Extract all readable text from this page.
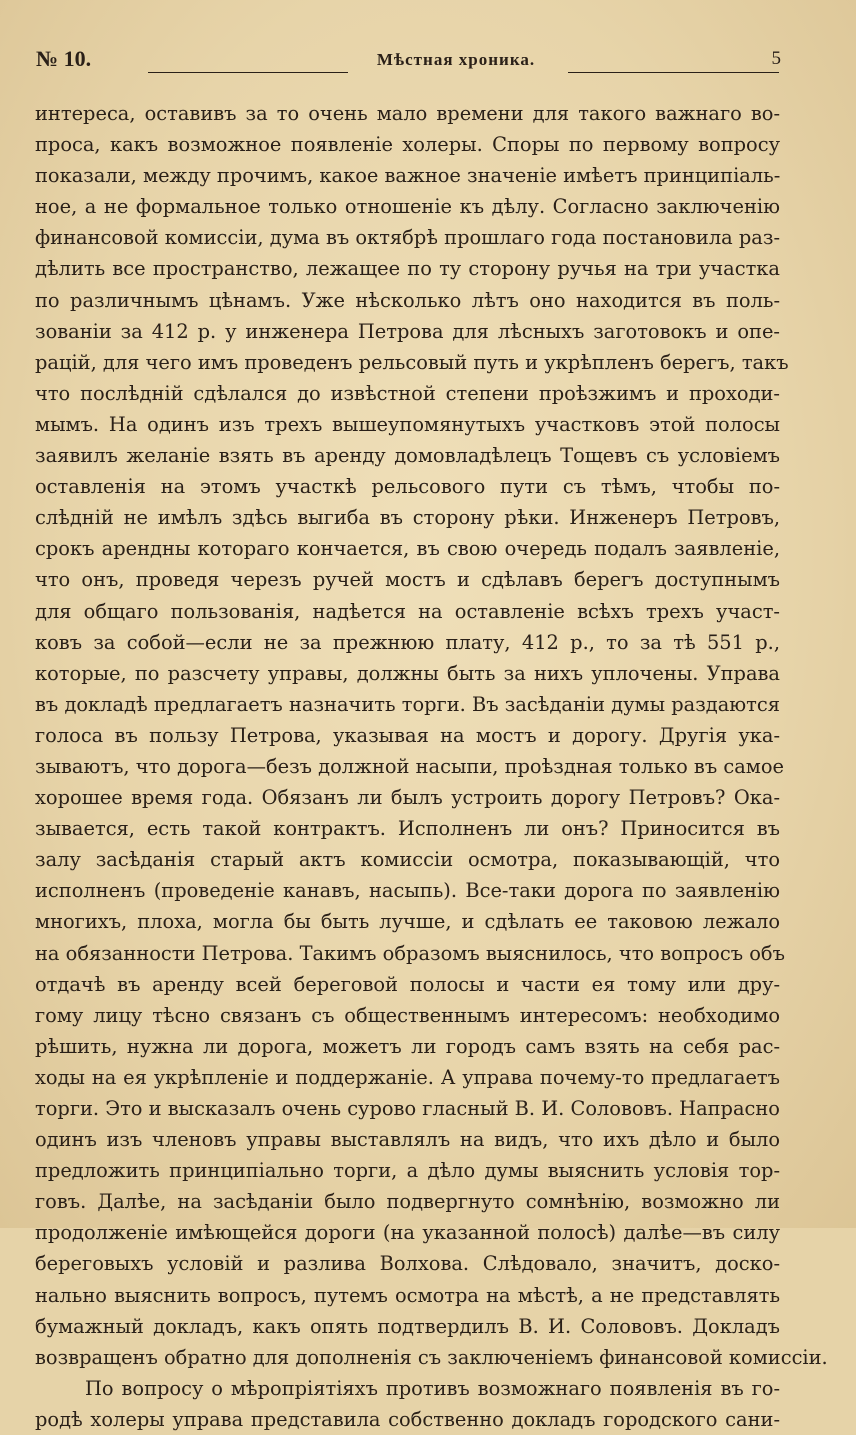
№ 10.	Мѣстная хроника.	5
интереса, оставивъ за то очень мало времени для такого важнаго во-
проса, какъ возможное появленіе холеры. Споры по первому вопросу
показали, между прочимъ, какое важное значеніе имѣетъ принципіаль-
ное, а не формальное только отношеніе къ дѣлу. Согласно заключенію
финансовой комиссіи, дума въ октябрѣ прошлаго года постановила раз-
дѣлить все пространство, лежащее по ту сторону ручья на три участка
по различнымъ цѣнамъ. Уже нѣсколько лѣтъ оно находится въ поль-
зованіи за 412 р. у инженера Петрова для лѣсныхъ заготовокъ и опе-
рацій, для чего имъ проведенъ рельсовый путь и укрѣпленъ берегъ, такъ
что послѣдній сдѣлался до извѣстной степени проѣзжимъ и проходи-
мымъ. На одинъ изъ трехъ вышеупомянутыхъ участковъ этой полосы
заявилъ желаніе взять въ аренду домовладѣлецъ Тощевъ съ условіемъ
оставленія на этомъ участкѣ рельсового пути съ тѣмъ, чтобы по-
слѣдній не имѣлъ здѣсь выгиба въ сторону рѣки. Инженеръ Петровъ,
срокъ арендны котораго кончается, въ свою очередь подалъ заявленіе,
что онъ, проведя черезъ ручей мостъ и сдѣлавъ берегъ доступнымъ
для общаго пользованія, надѣется на оставленіе всѣхъ трехъ участ-
ковъ за собой—если не за прежнюю плату, 412 р., то за тѣ 551 р.,
которые, по разсчету управы, должны быть за нихъ уплочены. Управа
въ докладѣ предлагаетъ назначить торги. Въ засѣданіи думы раздаются
голоса въ пользу Петрова, указывая на мостъ и дорогу. Другія ука-
зываютъ, что дорога—безъ должной насыпи, проѣздная только въ самое
хорошее время года. Обязанъ ли былъ устроить дорогу Петровъ? Ока-
зывается, есть такой контрактъ. Исполненъ ли онъ? Приносится въ
залу засѣданія старый актъ комиссіи осмотра, показывающій, что
исполненъ (проведеніе канавъ, насыпь). Все-таки дорога по заявленію
многихъ, плоха, могла бы быть лучше, и сдѣлать ее таковою лежало
на обязанности Петрова. Такимъ образомъ выяснилось, что вопросъ объ
отдачѣ въ аренду всей береговой полосы и части ея тому или дру-
гому лицу тѣсно связанъ съ общественнымъ интересомъ: необходимо
рѣшить, нужна ли дорога, можетъ ли городъ самъ взять на себя рас-
ходы на ея укрѣпленіе и поддержаніе. А управа почему-то предлагаетъ
торги. Это и высказалъ очень сурово гласный В. И. Солововъ. Напрасно
одинъ изъ членовъ управы выставлялъ на видъ, что ихъ дѣло и было
предложить принципіально торги, а дѣло думы выяснить условія тор-
говъ. Далѣе, на засѣданіи было подвергнуто сомнѣнію, возможно ли
продолженіе имѣющейся дороги (на указанной полосѣ) далѣе—въ силу
береговыхъ условій и разлива Волхова. Слѣдовало, значитъ, доско-
нально выяснить вопросъ, путемъ осмотра на мѣстѣ, а не представлять
бумажный докладъ, какъ опять подтвердилъ В. И. Солововъ. Докладъ
возвращенъ обратно для дополненія съ заключеніемъ финансовой комиссіи.
По вопросу о мѣропріятіяхъ противъ возможнаго появленія въ го-
родѣ холеры управа представила собственно докладъ городского сани-
